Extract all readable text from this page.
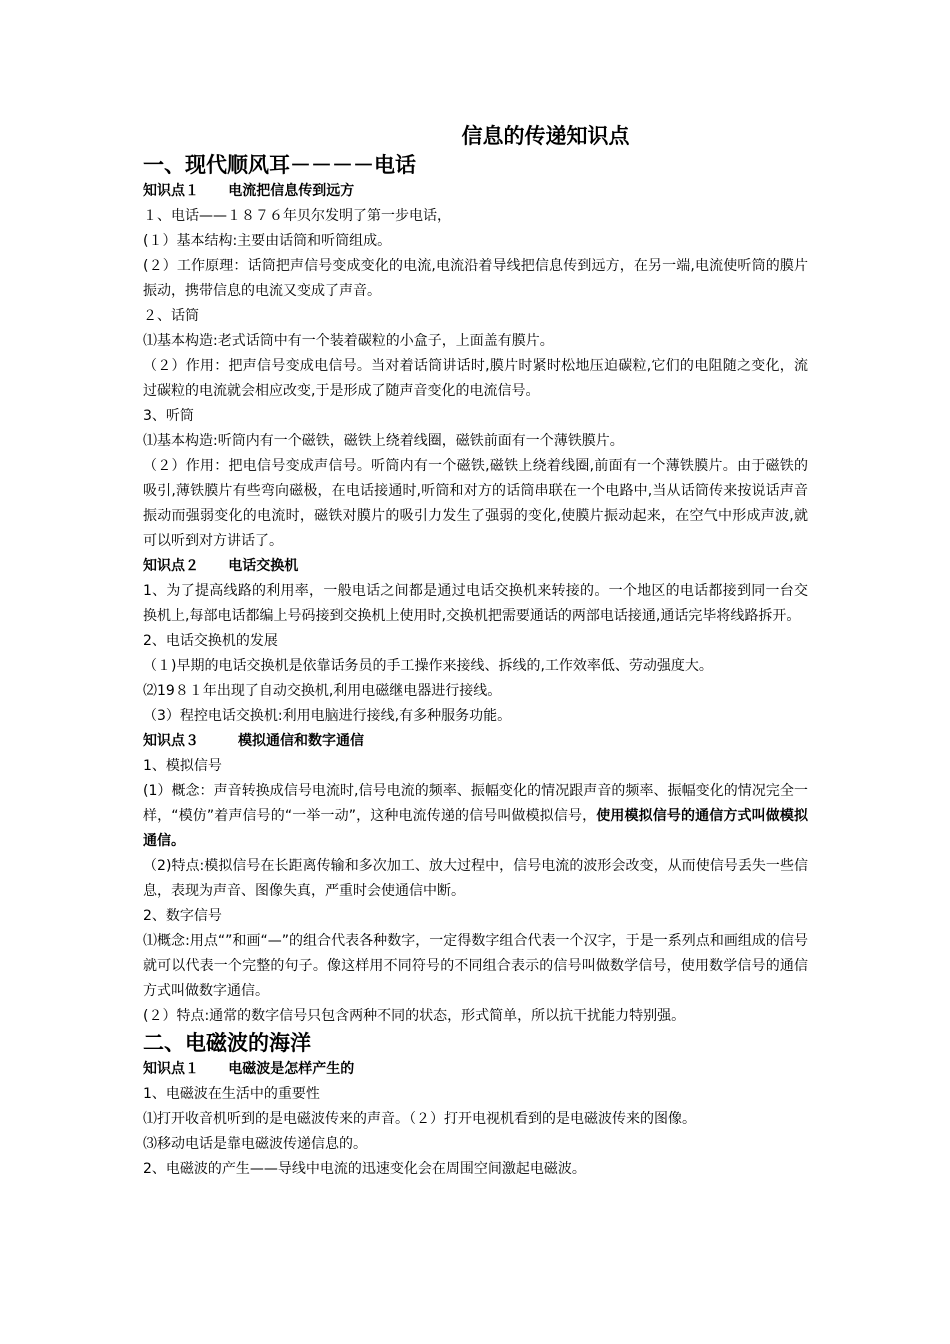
信息的传递知识点
一、现代顺风耳－－－－电话
知识点１      电流把信息传到远方
１、电话——１８７６年贝尔发明了第一步电话，
(１）基本结构:主要由话筒和听筒组成。
(２）工作原理：话筒把声信号变成变化的电流,电流沿着导线把信息传到远方，在另一端,电流使听筒的膜片振动，携带信息的电流又变成了声音。
２、话筒
⑴基本构造:老式话筒中有一个装着碳粒的小盒子，上面盖有膜片。
（２）作用：把声信号变成电信号。当对着话筒讲话时,膜片时紧时松地压迫碳粒,它们的电阻随之变化，流过碳粒的电流就会相应改变,于是形成了随声音变化的电流信号。
3、听筒
⑴基本构造:听筒内有一个磁铁，磁铁上绕着线圈，磁铁前面有一个薄铁膜片。
（２）作用：把电信号变成声信号。听筒内有一个磁铁,磁铁上绕着线圈,前面有一个薄铁膜片。由于磁铁的吸引,薄铁膜片有些弯向磁极，在电话接通时,听筒和对方的话筒串联在一个电路中,当从话筒传来按说话声音振动而强弱变化的电流时，磁铁对膜片的吸引力发生了强弱的变化,使膜片振动起来，在空气中形成声波,就可以听到对方讲话了。
知识点２      电话交换机
1、为了提高线路的利用率，一般电话之间都是通过电话交换机来转接的。一个地区的电话都接到同一台交换机上,每部电话都编上号码接到交换机上使用时,交换机把需要通话的两部电话接通,通话完毕将线路拆开。
2、电话交换机的发展
（１)早期的电话交换机是依靠话务员的手工操作来接线、拆线的,工作效率低、劳动强度大。
⑵19８１年出现了自动交换机,利用电磁继电器进行接线。
（3）程控电话交换机:利用电脑进行接线,有多种服务功能。
知识点３        模拟通信和数字通信
1、模拟信号
(1）概念：声音转换成信号电流时,信号电流的频率、振幅变化的情况跟声音的频率、振幅变化的情况完全一样，“模仿”着声信号的“一举一动”，这种电流传递的信号叫做模拟信号，使用模拟信号的通信方式叫做模拟通信。
（2)特点:模拟信号在长距离传输和多次加工、放大过程中，信号电流的波形会改变，从而使信号丢失一些信息，表现为声音、图像失真，严重时会使通信中断。
2、数字信号
⑴概念:用点“”和画“—”的组合代表各种数字，一定得数字组合代表一个汉字，于是一系列点和画组成的信号就可以代表一个完整的句子。像这样用不同符号的不同组合表示的信号叫做数学信号，使用数学信号的通信方式叫做数字通信。
(２）特点:通常的数字信号只包含两种不同的状态，形式简单，所以抗干扰能力特别强。
二、电磁波的海洋
知识点１      电磁波是怎样产生的
1、电磁波在生活中的重要性
⑴打开收音机听到的是电磁波传来的声音。（２）打开电视机看到的是电磁波传来的图像。
⑶移动电话是靠电磁波传递信息的。
2、电磁波的产生——导线中电流的迅速变化会在周围空间激起电磁波。
